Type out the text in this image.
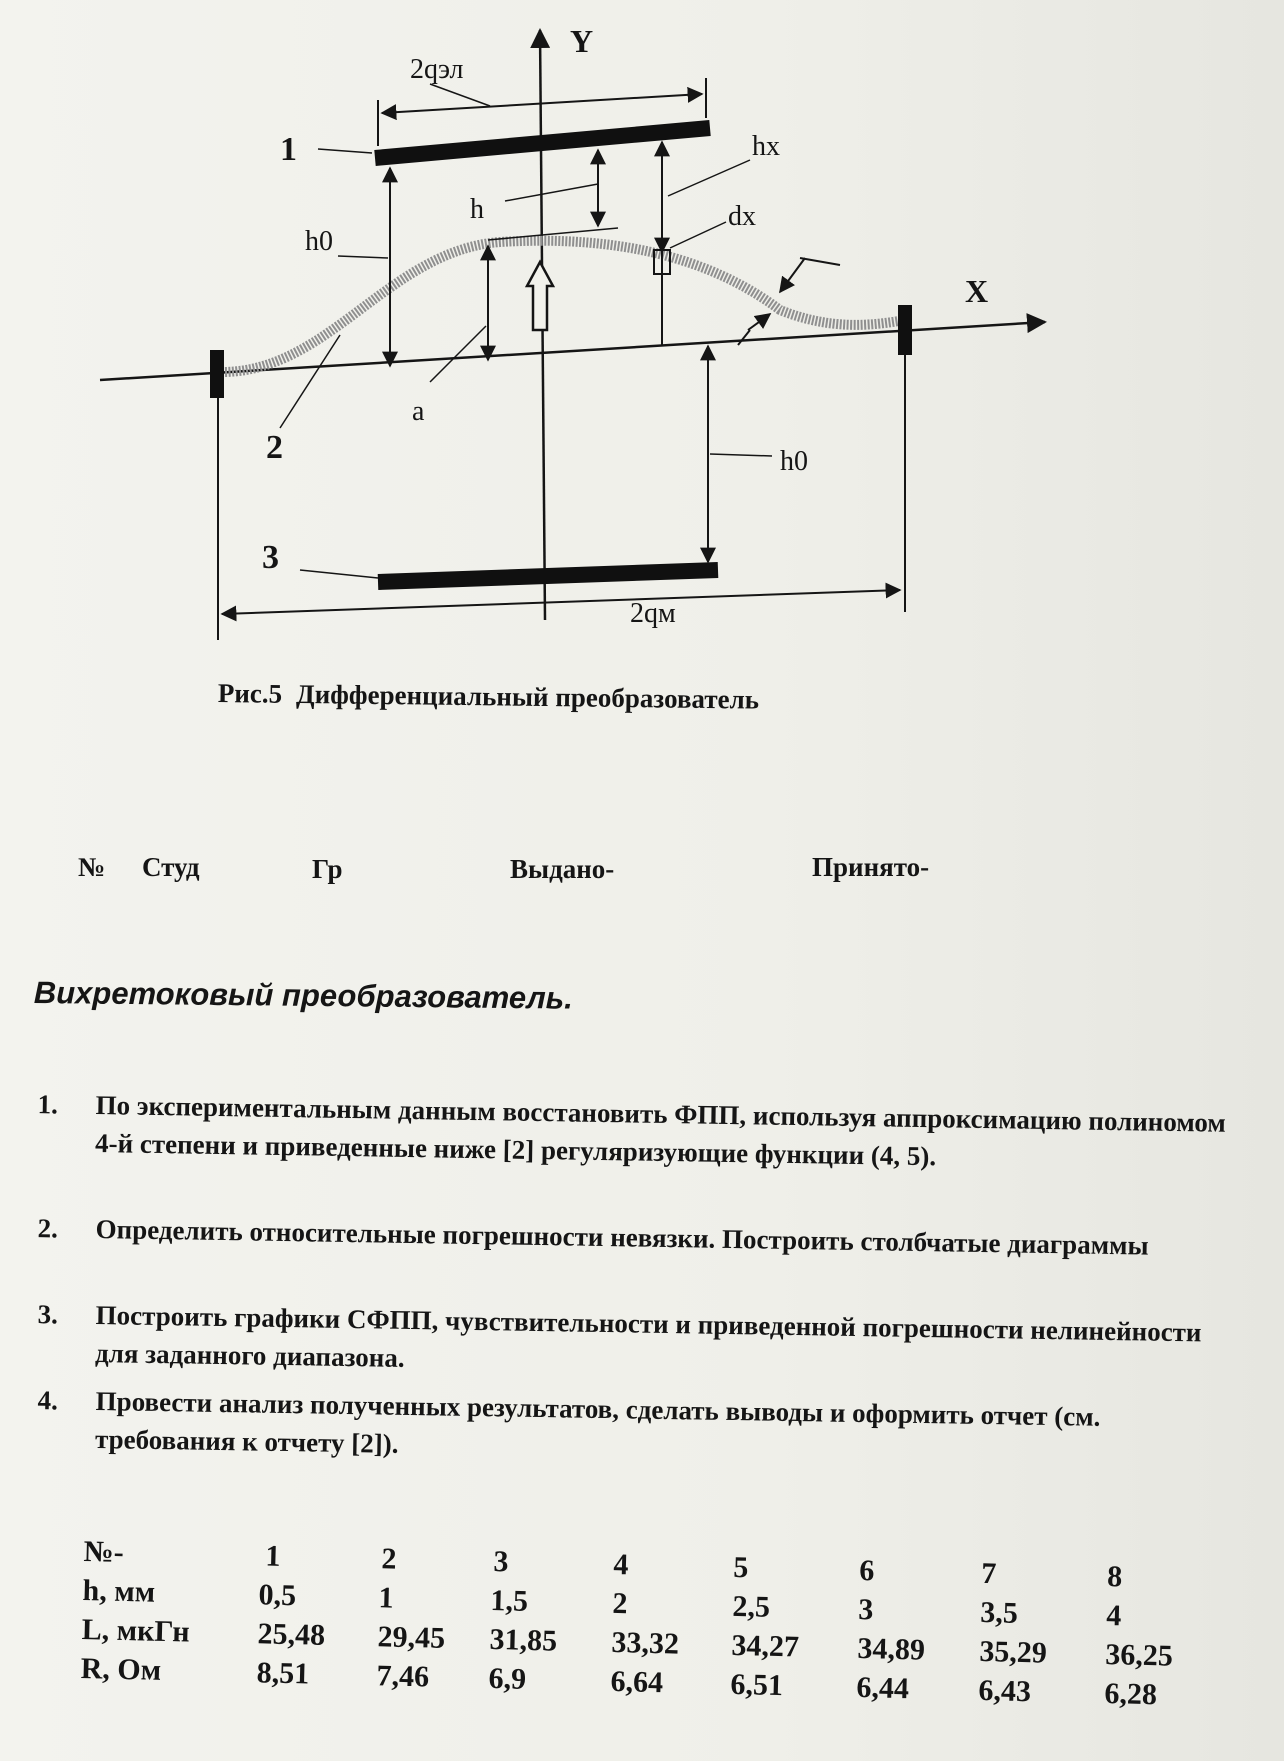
Y
X
2qэл
2qм
1
2
3
h
hx
h0
h0
dx
a
Рис.5 Дифференциальный преобразователь
№ Студ	Гр	Выдано-	Принято-
Вихретоковый преобразователь.
1. По экспериментальным данным восстановить ФПП, используя аппроксимацию полиномом 4-й степени и приведенные ниже [2] регуляризующие функции (4, 5).
2. Определить относительные погрешности невязки. Построить столбчатые диаграммы
3. Построить графики СФПП, чувствительности и приведенной погрешности нелинейности для заданного диапазона.
4. Провести анализ полученных результатов, сделать выводы и оформить отчет (см. требования к отчету [2]).
№-	1	2	3	4	5	6	7	8
h, мм	0,5	1	1,5	2	2,5	3	3,5	4
L, мкГн 25,48 29,45 31,85 33,32 34,27 34,89 35,29 36,25
R, Ом	8,51 7,46 6,9	6,64 6,51 6,44 6,43 6,28
